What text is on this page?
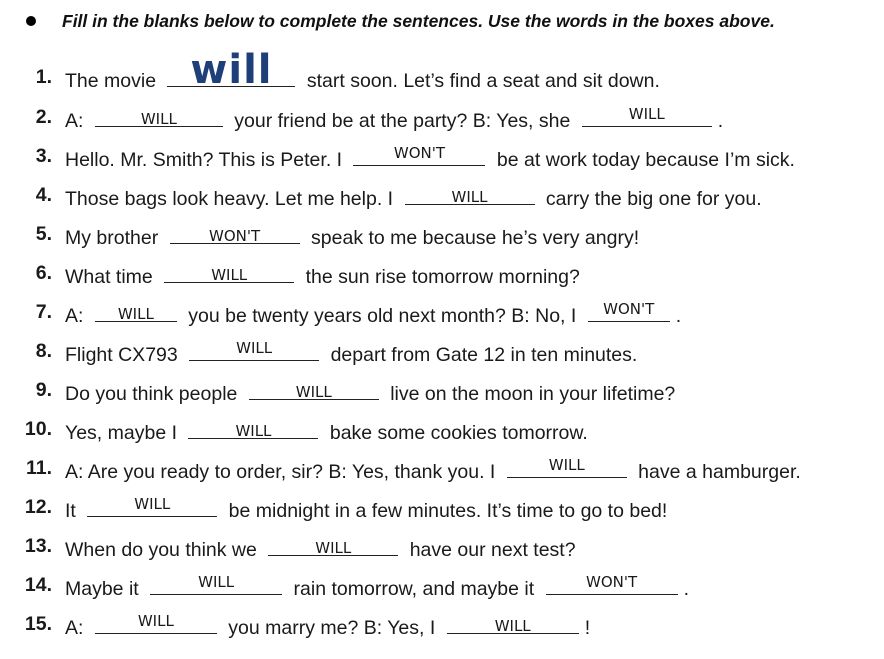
Fill in the blanks below to complete the sentences. Use the words in the boxes above.
1. The movie will	start soon. Let’s find a seat and sit down.
2. A:	WILL	your friend be at the party? B: Yes, she	WILL	.
3. Hello. Mr. Smith? This is Peter. I	WON'T	be at work today because I’m sick.
4. Those bags look heavy. Let me help. I	WILL	carry the big one for you.
5. My brother	WON'T	speak to me because he’s very angry!
6. What time	WILL	the sun rise tomorrow morning?
7. A:	WILL	you be twenty years old next month? B: No, I	WON'T	.
8. Flight CX793	WILL	depart from Gate 12 in ten minutes.
9. Do you think people	WILL	live on the moon in your lifetime?
10. Yes, maybe I	WILL	bake some cookies tomorrow.
11. A: Are you ready to order, sir? B: Yes, thank you. I	WILL	have a hamburger.
12. It	WILL	be midnight in a few minutes. It’s time to go to bed!
13. When do you think we	WILL	have our next test?
14. Maybe it	WILL	rain tomorrow, and maybe it	WON'T	.
15. A:	WILL	you marry me? B: Yes, I	WILL	!
